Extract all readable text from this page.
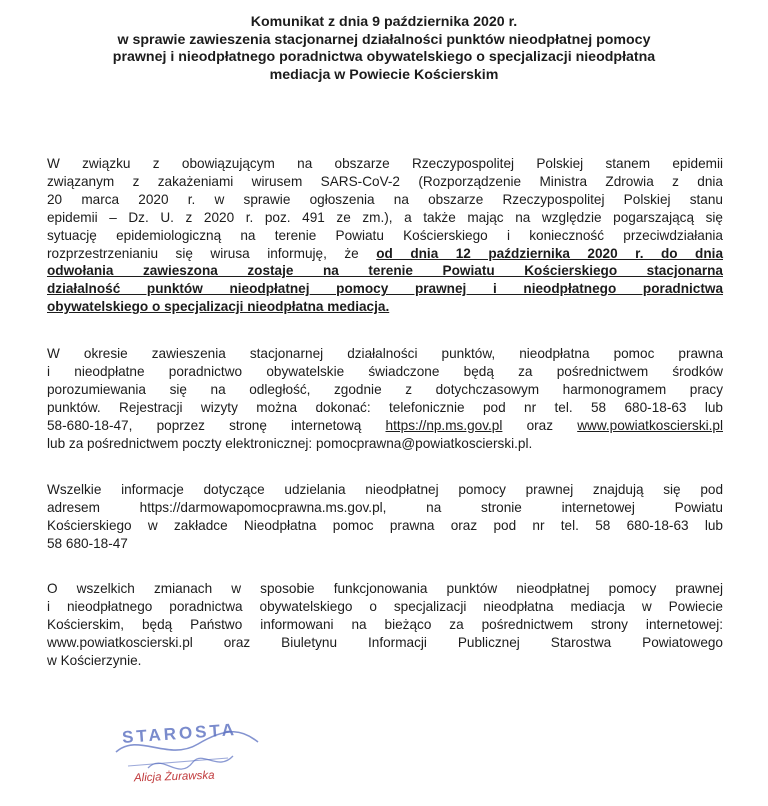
Komunikat z dnia 9 października 2020 r.
w sprawie zawieszenia stacjonarnej działalności punktów nieodpłatnej pomocy
prawnej i nieodpłatnego poradnictwa obywatelskiego o specjalizacji nieodpłatna
mediacja w Powiecie Kościerskim
W związku z obowiązującym na obszarze Rzeczypospolitej Polskiej stanem epidemii
związanym z zakażeniami wirusem SARS-CoV-2 (Rozporządzenie Ministra Zdrowia z dnia
20 marca 2020 r. w sprawie ogłoszenia na obszarze Rzeczypospolitej Polskiej stanu
epidemii – Dz. U. z 2020 r. poz. 491 ze zm.), a także mając na względzie pogarszającą się
sytuację epidemiologiczną na terenie Powiatu Kościerskiego i konieczność przeciwdziałania
rozprzestrzenianiu się wirusa informuję, że od dnia 12 października 2020 r. do dnia
odwołania zawieszona zostaje na terenie Powiatu Kościerskiego stacjonarna
działalność punktów nieodpłatnej pomocy prawnej i nieodpłatnego poradnictwa
obywatelskiego o specjalizacji nieodpłatna mediacja.
W okresie zawieszenia stacjonarnej działalności punktów, nieodpłatna pomoc prawna
i nieodpłatne poradnictwo obywatelskie świadczone będą za pośrednictwem środków
porozumiewania się na odległość, zgodnie z dotychczasowym harmonogramem pracy
punktów. Rejestracji wizyty można dokonać: telefonicznie pod nr tel. 58 680-18-63 lub
58-680-18-47, poprzez stronę internetową https://np.ms.gov.pl oraz www.powiatkoscierski.pl
lub za pośrednictwem poczty elektronicznej: pomocprawna@powiatkoscierski.pl.
Wszelkie informacje dotyczące udzielania nieodpłatnej pomocy prawnej znajdują się pod
adresem https://darmowapomocprawna.ms.gov.pl, na stronie internetowej Powiatu
Kościerskiego w zakładce Nieodpłatna pomoc prawna oraz pod nr tel. 58 680-18-63 lub
58 680-18-47
O wszelkich zmianach w sposobie funkcjonowania punktów nieodpłatnej pomocy prawnej
i nieodpłatnego poradnictwa obywatelskiego o specjalizacji nieodpłatna mediacja w Powiecie
Kościerskim, będą Państwo informowani na bieżąco za pośrednictwem strony internetowej:
www.powiatkoscierski.pl oraz Biuletynu Informacji Publicznej Starostwa Powiatowego
w Kościerzynie.
STAROSTA
Alicja Żurawska
